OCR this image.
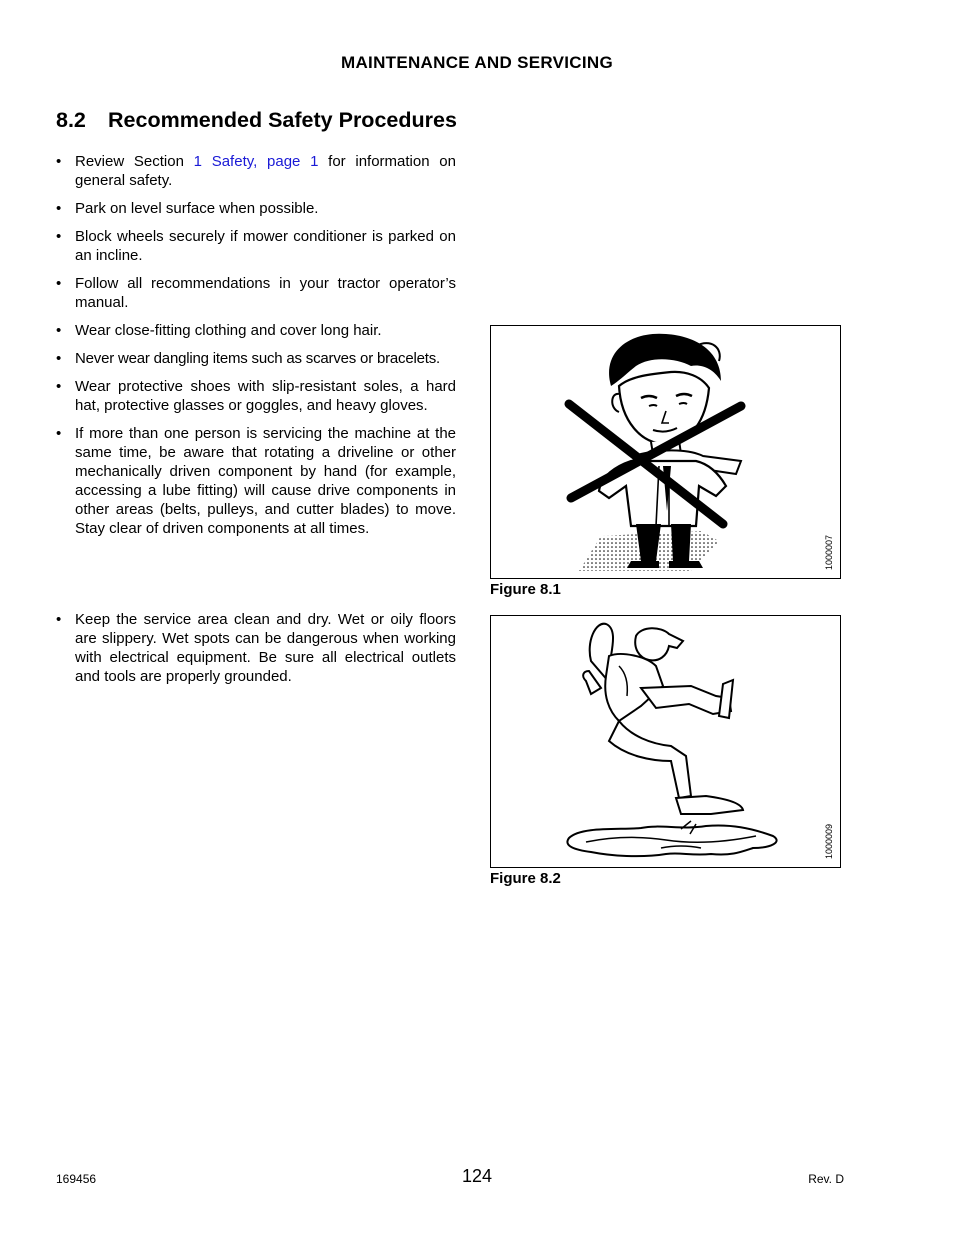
MAINTENANCE AND SERVICING
8.2 Recommended Safety Procedures
• Review Section 1 Safety, page 1 for information on general safety.
• Park on level surface when possible.
• Block wheels securely if mower conditioner is parked on an incline.
• Follow all recommendations in your tractor operator’s manual.
• Wear close-fitting clothing and cover long hair.
• Never wear dangling items such as scarves or bracelets.
• Wear protective shoes with slip-resistant soles, a hard hat, protective glasses or goggles, and heavy gloves.
• If more than one person is servicing the machine at the same time, be aware that rotating a driveline or other mechanically driven component by hand (for example, accessing a lube fitting) will cause drive components in other areas (belts, pulleys, and cutter blades) to move. Stay clear of driven components at all times.
• Keep the service area clean and dry. Wet or oily floors are slippery. Wet spots can be dangerous when working with electrical equipment. Be sure all electrical outlets and tools are properly grounded.
1000007
Figure 8.1
1000009
Figure 8.2
169456	124	Rev. D
